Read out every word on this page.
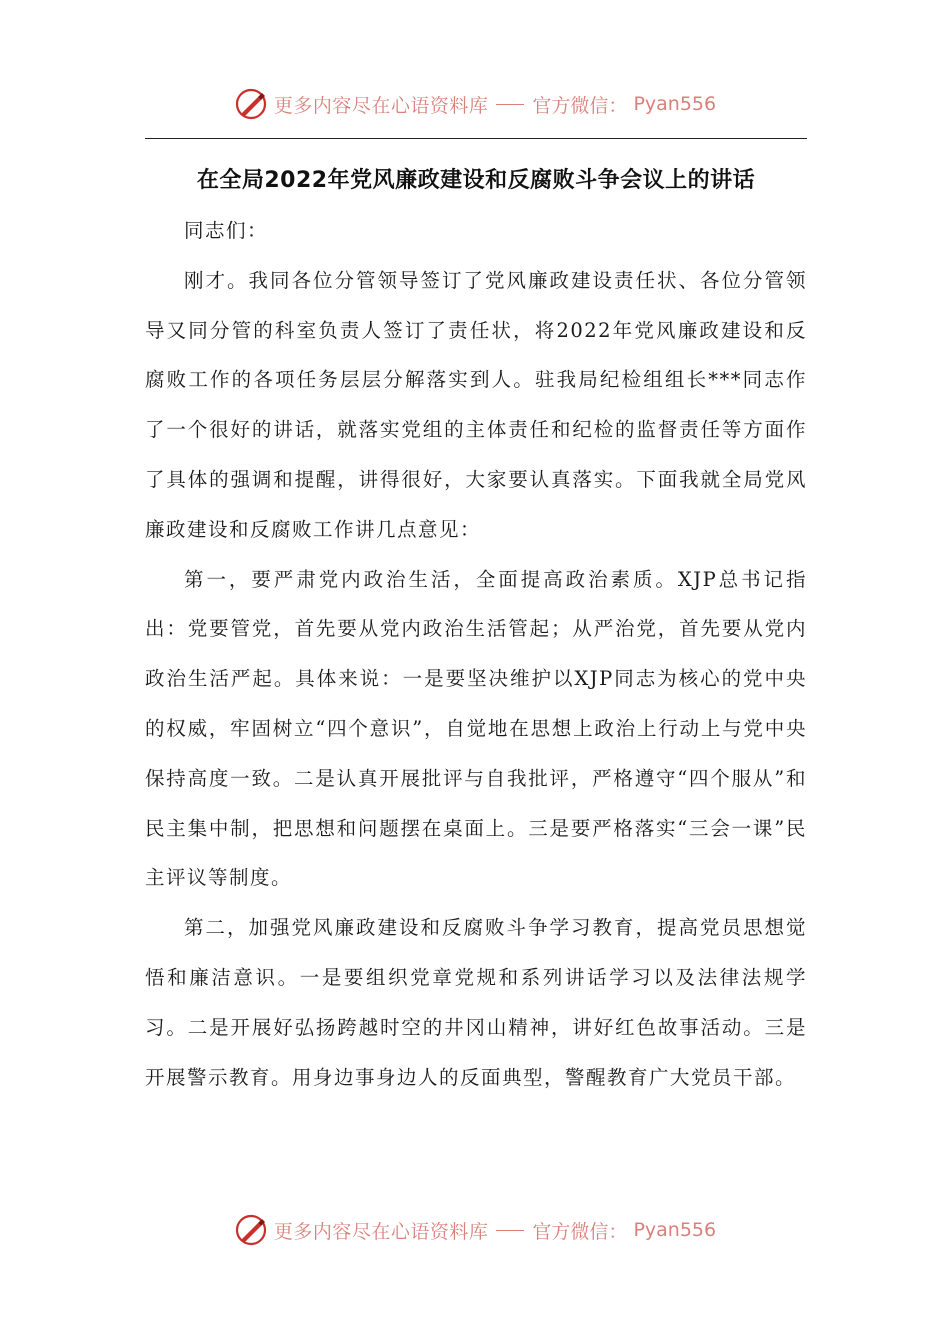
更多内容尽在心语资料库 官方微信： Pyan556
在全局2022年党风廉政建设和反腐败斗争会议上的讲话

同志们：

刚才。我同各位分管领导签订了党风廉政建设责任状、各位分管领导又同分管的科室负责人签订了责任状，将2022年党风廉政建设和反腐败工作的各项任务层层分解落实到人。驻我局纪检组组长***同志作了一个很好的讲话，就落实党组的主体责任和纪检的监督责任等方面作了具体的强调和提醒，讲得很好，大家要认真落实。下面我就全局党风廉政建设和反腐败工作讲几点意见：

第一，要严肃党内政治生活，全面提高政治素质。XJP总书记指出：党要管党，首先要从党内政治生活管起；从严治党，首先要从党内政治生活严起。具体来说：一是要坚决维护以XJP同志为核心的党中央的权威，牢固树立“四个意识”，自觉地在思想上政治上行动上与党中央保持高度一致。二是认真开展批评与自我批评，严格遵守“四个服从”和民主集中制，把思想和问题摆在桌面上。三是要严格落实“三会一课”民主评议等制度。

第二，加强党风廉政建设和反腐败斗争学习教育，提高党员思想觉悟和廉洁意识。一是要组织党章党规和系列讲话学习以及法律法规学习。二是开展好弘扬跨越时空的井冈山精神，讲好红色故事活动。三是开展警示教育。用身边事身边人的反面典型，警醒教育广大党员干部。

更多内容尽在心语资料库 官方微信： Pyan556
